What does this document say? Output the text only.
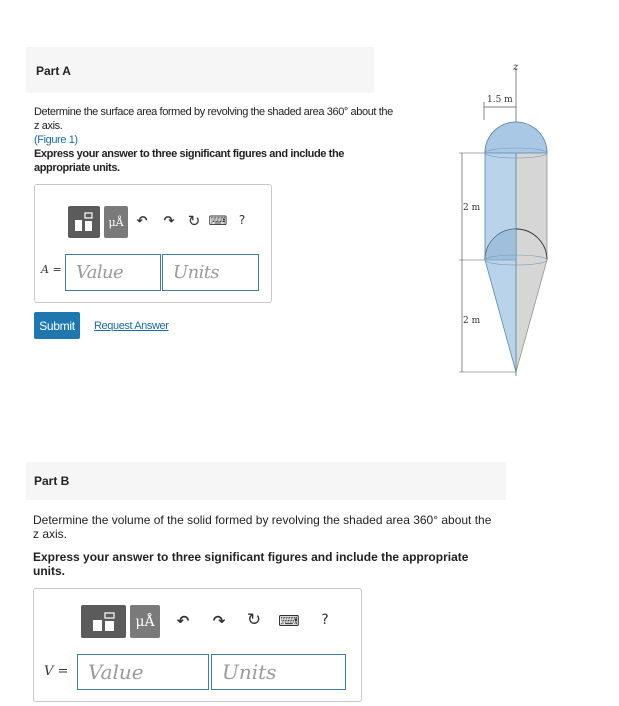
Part A
Determine the surface area formed by revolving the shaded area 360° about the z axis.
(Figure 1)
Express your answer to three significant figures and include the appropriate units.
μÅ	↶ ↷ ↻ ⌨ ?
A = Value	Units
Submit	Request Answer
z
1.5 m
2 m
2 m
Part B
Determine the volume of the solid formed by revolving the shaded area 360° about the
z axis.
Express your answer to three significant figures and include the appropriate units.
μÅ	↶ ↷ ↻ ⌨ ?
V = Value	Units
